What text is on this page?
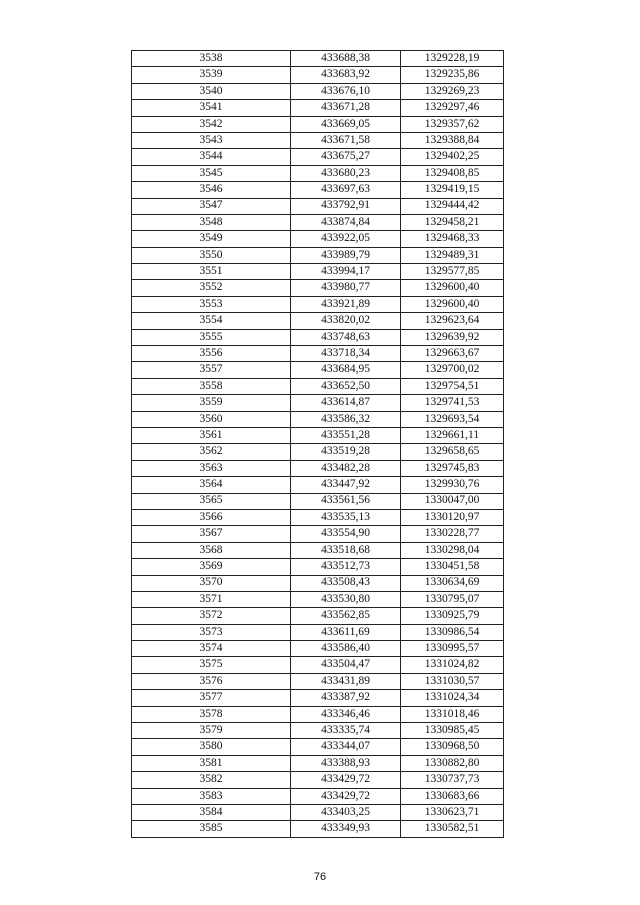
3538	433688,38	1329228,19
3539	433683,92	1329235,86
3540	433676,10	1329269,23
3541	433671,28	1329297,46
3542	433669,05	1329357,62
3543	433671,58	1329388,84
3544	433675,27	1329402,25
3545	433680,23	1329408,85
3546	433697,63	1329419,15
3547	433792,91	1329444,42
3548	433874,84	1329458,21
3549	433922,05	1329468,33
3550	433989,79	1329489,31
3551	433994,17	1329577,85
3552	433980,77	1329600,40
3553	433921,89	1329600,40
3554	433820,02	1329623,64
3555	433748,63	1329639,92
3556	433718,34	1329663,67
3557	433684,95	1329700,02
3558	433652,50	1329754,51
3559	433614,87	1329741,53
3560	433586,32	1329693,54
3561	433551,28	1329661,11
3562	433519,28	1329658,65
3563	433482,28	1329745,83
3564	433447,92	1329930,76
3565	433561,56	1330047,00
3566	433535,13	1330120,97
3567	433554,90	1330228,77
3568	433518,68	1330298,04
3569	433512,73	1330451,58
3570	433508,43	1330634,69
3571	433530,80	1330795,07
3572	433562,85	1330925,79
3573	433611,69	1330986,54
3574	433586,40	1330995,57
3575	433504,47	1331024,82
3576	433431,89	1331030,57
3577	433387,92	1331024,34
3578	433346,46	1331018,46
3579	433335,74	1330985,45
3580	433344,07	1330968,50
3581	433388,93	1330882,80
3582	433429,72	1330737,73
3583	433429,72	1330683,66
3584	433403,25	1330623,71
3585	433349,93	1330582,51
76
